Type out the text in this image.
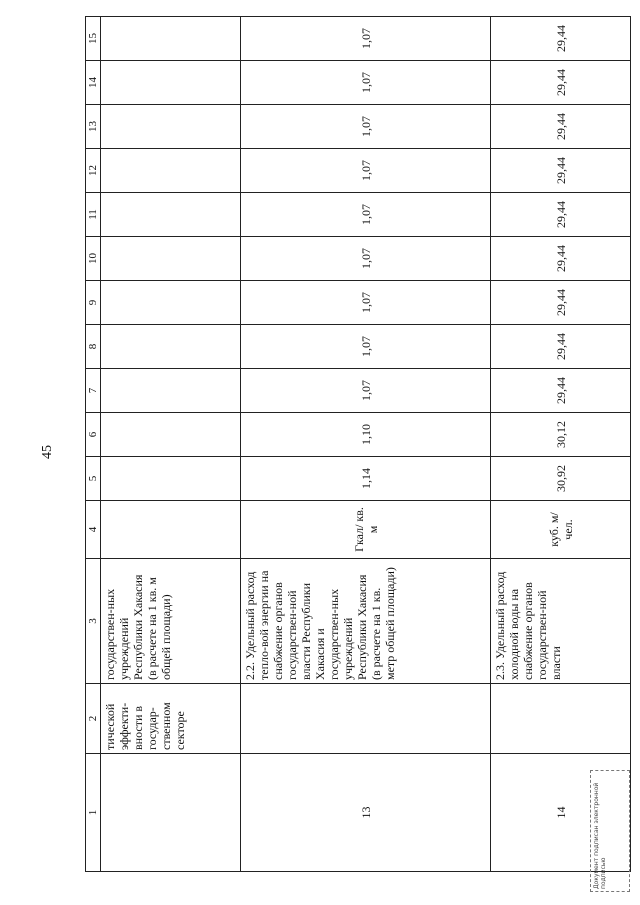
45
1	2	3	4	5	6	7	8	9	10	11	12	13	14	15
	тической эффекти-вности в государ-ственном секторе	государствен-ных учреждений Республики Хакасия (в расчете на 1 кв. м общей площади)												
13		2.2. Удельный расход тепло-вой энергии на снабжение органов государствен-ной власти Республики Хакасия и государствен-ных учреждений Республики Хакасия (в расчете на 1 кв. метр общей площади)	Гкал/ кв. м	1,14	1,10	1,07	1,07	1,07	1,07	1,07	1,07	1,07	1,07	1,07
14		2.3. Удельный расход холодной воды на снабжение органов государствен-ной власти	куб. м/ чел.	30,92	30,12	29,44	29,44	29,44	29,44	29,44	29,44	29,44	29,44	29,44
Документ подписан электронной подписью
